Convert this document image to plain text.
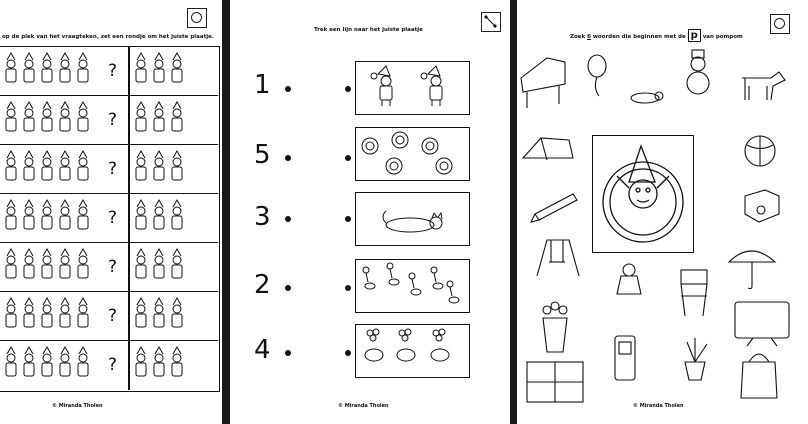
op de plek van het vraagteken, zet een rondje om het juiste plaatje.
?
?
?
?
?
?
?
© Miranda Tholen
Trek een lijn naar het juiste plaatje
1
5
3
2
4
© Miranda Tholen
Zoek 6 woorden die beginnen met de p van pompom
© Miranda Tholen
